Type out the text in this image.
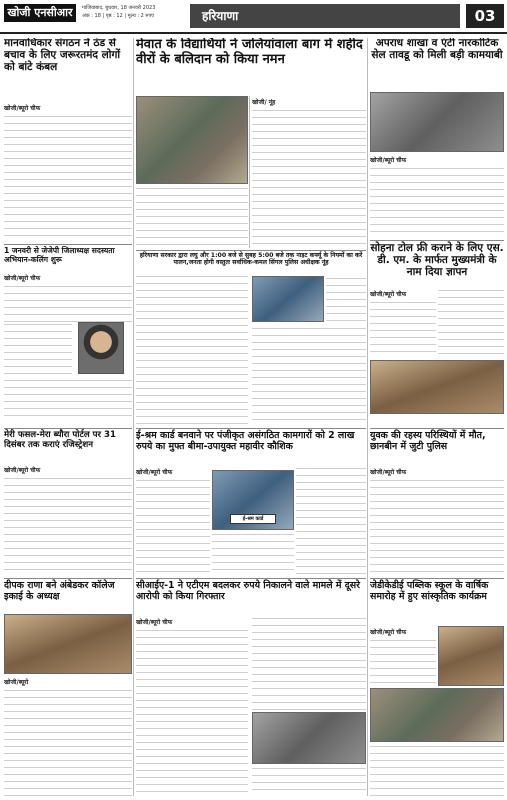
खोजी एनसीआर	गाजियाबाद, बुधवार, 18 जनवरी 2023
अंक : 18 | पृष्ठ : 12 | मूल्य : 2 रुपए	हरियाणा	03
मानवाधिकार संगठन ने ठंड से बचाव के लिए जरूरतमंद लोगों को बांटे कंबल
खोजी/ब्यूरो चीफ
मेवात के विद्यार्थियों ने जलियांवाला बाग में शहीद वीरों के बलिदान को किया नमन
खोजी/ नूंह
अपराध शाखा व एंटी नारकोटिक सेल तावडू को मिली बड़ी कामयाबी
खोजी/ब्यूरो चीफ
हरियाणा सरकार द्वारा लघु और 1:00 बजे से सुबह 5:00 बजे तक नाइट कर्फ्यू के नियमों का करें पालन,जनता होगी वस्तुतः सर्वाधिक-कमल सिंगल पुलिस अधीक्षक नूंह
1 जनवरी से जेजेपी जिलाध्यक्ष सदस्यता अभियान-कलिंग शुरू
खोजी/ब्यूरो चीफ
सोहना टोल फ्री कराने के लिए एस. डी. एम. के मार्फत मुख्यमंत्री के नाम दिया ज्ञापन
खोजी/ब्यूरो चीफ
मेरी फसल-मेरा ब्यौरा पोर्टल पर 31 दिसंबर तक कराएं रजिस्ट्रेशन
खोजी/ब्यूरो चीफ
ई-श्रम कार्ड बनवाने पर पंजीकृत असंगठित कामगारों को 2 लाख रुपये का मुफ्त बीमा-उपायुक्त महावीर कौशिक
खोजी/ब्यूरो चीफ
ई-श्रम कार्ड
युवक की रहस्य परिस्थियों में मौत, छानबीन में जुटी पुलिस
खोजी/ब्यूरो चीफ
दीपक राणा बने अंबेडकर कॉलेज इकाई के अध्यक्ष
खोजी/ब्यूरो
सीआईए-1 ने एटीएम बदलकर रुपये निकालने वाले मामले में दूसरे आरोपी को किया गिरफ्तार
खोजी/ब्यूरो चीफ
जेडीकेडीई पब्लिक स्कूल के वार्षिक समारोह में हुए सांस्कृतिक कार्यक्रम
खोजी/ब्यूरो चीफ
